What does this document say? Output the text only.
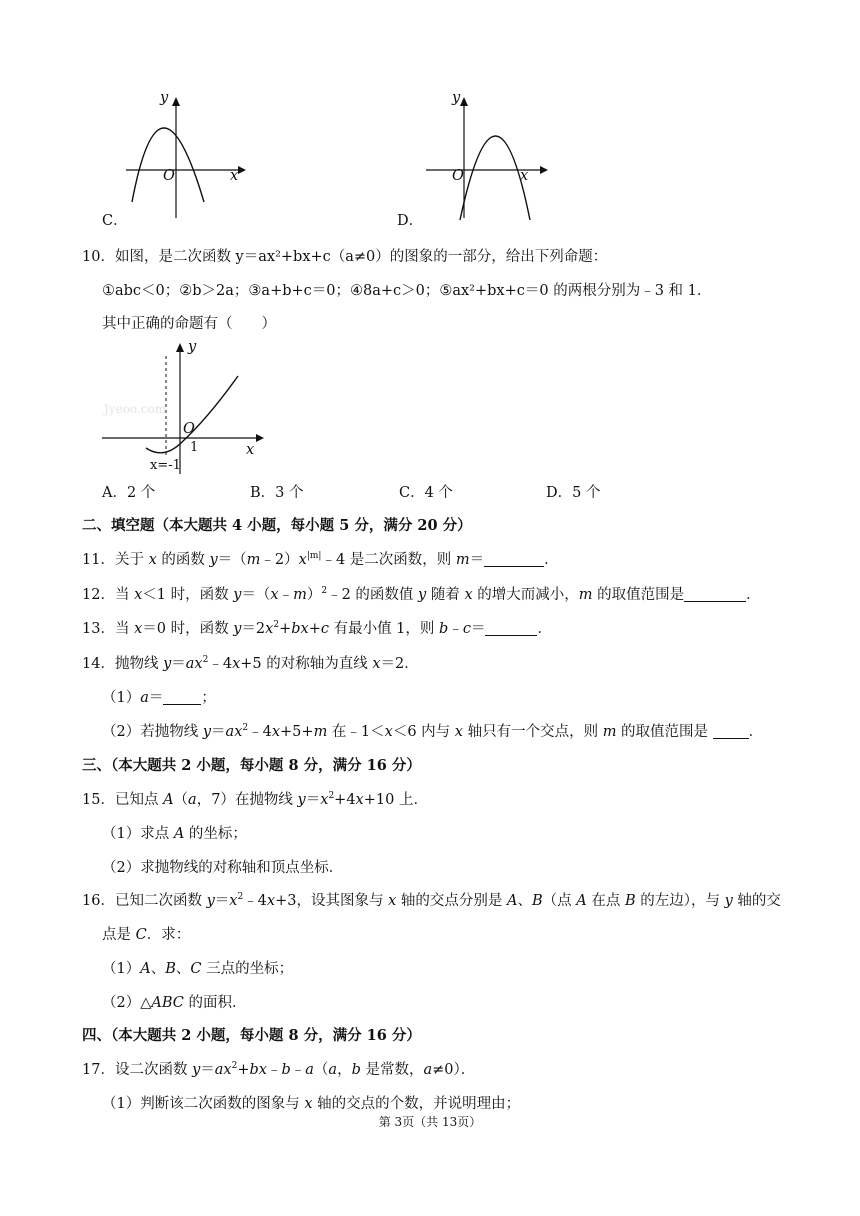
y
x
O
C．
y
x
O
D．
10．如图，是二次函数 y＝ax²+bx+c（a≠0）的图象的一部分，给出下列命题：
①abc＜0；②b＞2a；③a+b+c＝0；④8a+c＞0；⑤ax²+bx+c＝0 的两根分别为﹣3 和 1．
其中正确的命题有（　　）
y
x
O
1
x=-1
Jyeoo.com
A．2 个	B．3 个	C．4 个	D．5 个
二、填空题（本大题共 4 小题，每小题 5 分，满分 20 分）
11．关于 x 的函数 $y=(m﹣2)x^{|m|}﹣4$ 是二次函数，则 m＝	．
12．当 x＜1 时，函数 y＝（x﹣m）$^2$﹣2 的函数值 y 随着 x 的增大而减小，m 的取值范围是	．
13．当 x＝0 时，函数 $y=2x^2+bx+c$ 有最小值 1，则 b﹣c＝	．
14．抛物线 $y=ax^2﹣4x+5$ 的对称轴为直线 x＝2．
（1）a＝	；
（2）若抛物线 $y=ax^2﹣4x+5+m$ 在﹣1＜x＜6 内与 x 轴只有一个交点，则 m 的取值范围是 ．
三、（本大题共 2 小题，每小题 8 分，满分 16 分）
15．已知点 A（a，7）在抛物线 $y=x^2+4x+10$ 上．
（1）求点 A 的坐标；
（2）求抛物线的对称轴和顶点坐标．
16．已知二次函数 $y=x^2﹣4x+3$，设其图象与 x 轴的交点分别是 A、B（点 A 在点 B 的左边），与 y 轴的交
点是 C．求：
（1）A、B、C 三点的坐标；
（2）△ABC 的面积．
四、（本大题共 2 小题，每小题 8 分，满分 16 分）
17．设二次函数 $y=ax^2+bx﹣b﹣a(a$，b 是常数，a≠0）．
（1）判断该二次函数的图象与 x 轴的交点的个数，并说明理由；
第 3页（共 13页）
